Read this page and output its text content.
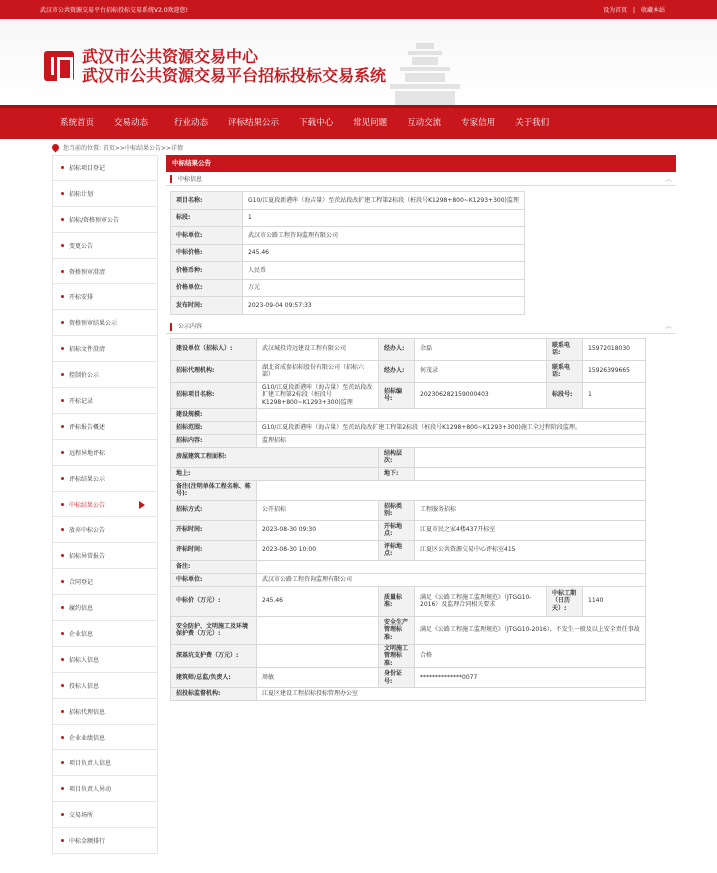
武汉市公共资源交易平台招标投标交易系统V2.0欢迎您!	设为首页 | 收藏本站
武汉市公共资源交易中心
武汉市公共资源交易平台招标投标交易系统
系统首页	交易动态	行业动态	评标结果公示	下载中心	常见问题	互动交流	专家信用	关于我们
您当前的位置: 首页>>中标结果公告>>详情
招标项目登记
招标计划
招标/资格预审公告
变更公告
资格预审澄清
开标安排
资格预审结果公示
招标文件澄清
控制价公示
开标记录
评标报告概述
远程异地评标
评标结果公示
中标结果公告
放弃中标公告
招标异常报告
合同登记
履约信息
企业信息
招标人信息
投标人信息
招标代理信息
企业业绩信息
项目负责人信息
项目负责人异动
交易场所
中标金额排行
中标结果公告
中标信息	︽
项目名称:	G10/江夏段新港咔（海吉量）至茨站段改扩建工程第2标段（桩段号K1298+800~K1293+300)监理
标段:	1
中标单位:	武汉市公路工程咨询监理有限公司
中标价格:	245.46
价格币种:	人民币
价格单位:	万元
发布时间:	2023-09-04 09:57:33
公示内容	︽
建设单位（招标人）:	武汉城投诗远建设工程有限公司	经办人:	余磊	联系电话:	15972018030
招标代理机构:	湖北省成套招标股份有限公司（招标六部）	经办人:	何茂录	联系电话:	15926399665
招标项目名称:	G10/江夏段新港咔（海吉量）至茨站段改扩建工程第2标段（桩段号K1298+800~K1293+300)监理	招标编号:	20230628215900040​3	标段号:	1
建设规模:					
招标范围:	G10/江夏段新港咔（海吉量）至茨站段改扩建工程第2标段（桩段号K1298+800~K1293+300)施工全过程阶段监理。				
招标内容:	监理招标				
房屋建筑工程面积:		结构层次:			
地上:		地下:			
备注(注明单体工程名称、栋号):					
招标方式:	公开招标	招标类别:	工程服务招标		
开标时间:	2023-08-30 09:30	开标地点:	江夏市民之家4楼437开标室		
评标时间:	2023-08-30 10:00	评标地点:	江夏区公共资源交易中心评标室415		
备注:					
中标单位:	武汉市公路工程咨询监理有限公司				
中标价（万元）:	245.46	质量标准:	满足《公路工程施工监理规范》（JTGG10-2016）及监理合同相关要求	中标工期（日历天）:	1140
安全防护、文明施工及环境保护费（万元）:		安全生产管理标准:	满足《公路工程施工监理规范》（JTGG10-2016），不发生一般及以上安全责任事故		
深基坑支护费（万元）:		文明施工管理标准:	合格		
建筑师/总监/负责人:	周敏	身份证号:	**************0077		
招投标监督机构:	江夏区建设工程招标投标管理办公室				
